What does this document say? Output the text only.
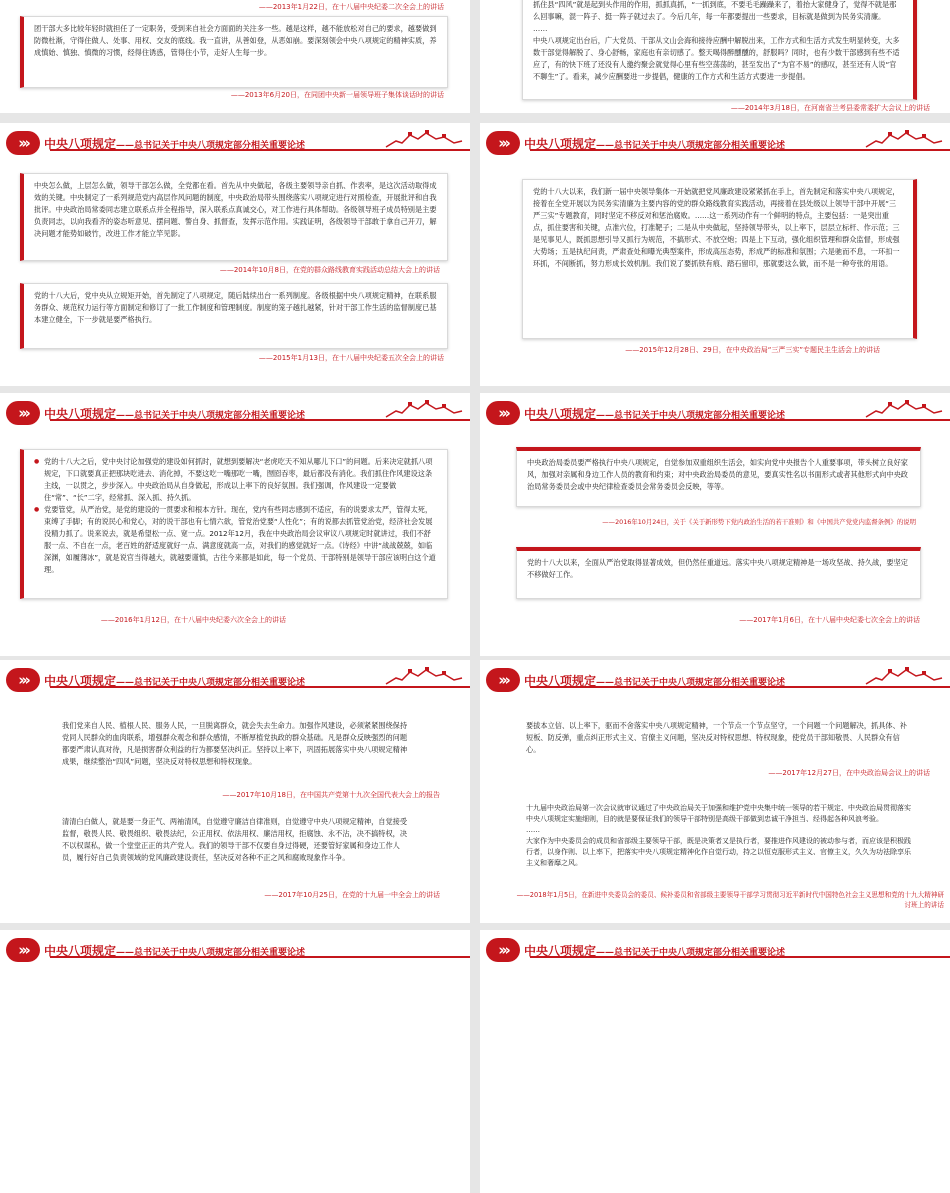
——2013年1月22日，在十八届中央纪委二次全会上的讲话
团干部大多比较年轻时就担任了一定职务，受到来自社会方面面的关注多一些。越是这样，越不能放松对自己的要求，越要做到防微杜渐，守得住做人、处事、用权、交友的底线。我一直讲，从善如登，从恶如崩。要深刻领会中央八项规定的精神实质，养成慎始、慎独、慎微的习惯，经得住诱惑，管得住小节，走好人生每一步。
——2013年6月20日，在同团中央新一届领导班子集体谈话时的讲话

抓住县“四风”就是起到头作用的作用，抓抓真抓，“一抓到底，不要毛毛躁躁来了，着抬大家健身了，觉得不就是那么回事嘛，混一阵子、挺一阵子就过去了。今后几年，每一年都要提出一些要求，目标就是做到为民务实清廉。
……
中央八项规定出台后，广大党员、干部从文山会海和接待应酬中解脱出来，工作方式和生活方式发生明显转变，大多数干部觉得解脱了、身心舒畅，家庭也有亲切感了。整天喝得醉醺醺的，舒服吗？同时，也有少数干部感到有些不适应了，有的快下班了还没有人邀约聚会就觉得心里有些空荡荡的，甚至发出了“为官不易”的感叹，甚至还有人说“官不聊生”了。看来，减少应酬要进一步提倡，健康的工作方式和生活方式要进一步提倡。

——2014年3月18日，在河南省兰考县委常委扩大会议上的讲话
›››	中央八项规定——总书记关于中央八项规定部分相关重要论述
中央怎么做，上层怎么做，领导干部怎么做，全党都在看。首先从中央做起，各级主要领导亲自抓、作表率，是这次活动取得成效的关键。中央制定了一系列规范党内高层作风问题的制度，中央政治局带头围绕落实八项规定进行对照检查，开展批评和自我批评。中央政治局常委同志建立联系点并全程指导，深入联系点真诚交心，对工作进行具体帮助。各级领导班子成员特别是主要负责同志，以向我看齐的姿态听意见、摆问题、警自身、抓督查，发挥示范作用。实践证明，各级领导干部敢于拿自己开刀，解决问题才能势如破竹，改进工作才能立竿见影。
——2014年10月8日，在党的群众路线教育实践活动总结大会上的讲话
党的十八大后，党中央从立规矩开始，首先制定了八项规定，随后陆续出台一系列制度。各级根据中央八项规定精神，在联系服务群众、规范权力运行等方面制定和修订了一批工作制度和管理制度。制度的笼子越扎越紧，针对干部工作生活的监督制度已基本建立健全，下一步就是要严格执行。
——2015年1月13日，在十八届中央纪委五次全会上的讲话
›››	中央八项规定——总书记关于中央八项规定部分相关重要论述
党的十八大以来，我们新一届中央领导集体一开始就把党风廉政建设紧紧抓在手上，首先制定和落实中央八项规定，接着在全党开展以为民务实清廉为主要内容的党的群众路线教育实践活动，再接着在县处级以上领导干部中开展“三严三实”专题教育，同时坚定不移反对和惩治腐败。……这一系列动作有一个鲜明的特点，主要包括：一是突出重点，抓住要害和关键，点准穴位，打准靶子；二是从中央做起，坚持领导带头，以上率下，层层立标杆、作示范；三是见事见人，既抓思想引导又抓行为规范，不搞形式、不放空炮；四是上下互动，强化组织管理和群众监督，形成强大势场；五是执纪问责，严肃查处和曝光典型案件，形成高压态势，形成严的标准和氛围；六是驰而不息，一环扣一环抓，不间断抓，努力形成长效机制。我们说了要抓铁有痕、踏石留印，那就要这么做，而不是一种夸张的用语。
——2015年12月28日、29日，在中央政治局“三严三实”专题民主生活会上的讲话
›››	中央八项规定——总书记关于中央八项规定部分相关重要论述
● 党的十八大之后，党中央讨论加强党的建设如何抓时，就想到要解决“老虎吃天不知从哪儿下口”的问题。后来决定就抓八项规定，下口就要真正把那块吃进去、消化掉，不要这吃一嘴那吃一嘴，囫囵吞枣，最后都没有消化。我们抓住作风建设这条主线，一以贯之，步步深入。中央政治局从自身做起，形成以上率下的良好氛围。我们强调，作风建设一定要做住“常”、“长”二字，经常抓、深入抓、持久抓。
● 党要管党，从严治党，是党的建设的一贯要求和根本方针。现在，党内有些同志感到不适应，有的说要求太严，管得太死，束缚了手脚；有的说民心和党心，对的说干部也有七情六欲，管党治党要“人性化”；有的说都去抓管党治党，经济社会发展没精力抓了。说来说去，就是希望松一点、宽一点。2012年12月，我在中央政治局会议审议八项规定时就讲过，我们不舒服一点、不自在一点，老百姓的舒适度就好一点、满意度就高一点，对我们的感觉就好一点。《诗经》中讲“战战兢兢，如临深渊，如履薄冰”，就是说官当得越大，就越要谨慎，古往今来都是如此，每一个党员、干部特别是领导干部应该明白这个道理。
——2016年1月12日，在十八届中央纪委六次全会上的讲话
›››	中央八项规定——总书记关于中央八项规定部分相关重要论述
中央政治局委员要严格执行中央八项规定，自觉参加双重组织生活会，如实向党中央报告个人重要事项，带头树立良好家风，加强对亲属和身边工作人员的教育和约束；对中央政治局委员的意见，要真实性名以书面形式或者其他形式向中央政治局常务委员会或中央纪律检查委员会常务委员会反映，等等。
——2016年10月24日，关于《关于新形势下党内政治生活的若干准则》和《中国共产党党内监督条例》的说明
党的十八大以来，全面从严治党取得显著成效，但仍然任重道远。落实中央八项规定精神是一场攻坚战、持久战，要坚定不移做好工作。
——2017年1月6日，在十八届中央纪委七次全会上的讲话
›››	中央八项规定——总书记关于中央八项规定部分相关重要论述
我们党来自人民、植根人民、服务人民，一旦脱离群众，就会失去生命力。加强作风建设，必须紧紧围绕保持党同人民群众的血肉联系，增强群众观念和群众感情，不断厚植党执政的群众基础。凡是群众反映强烈的问题都要严肃认真对待，凡是损害群众利益的行为都要坚决纠正。坚持以上率下，巩固拓展落实中央八项规定精神成果，继续整治“四风”问题，坚决反对特权思想和特权现象。
——2017年10月18日，在中国共产党第十九次全国代表大会上的报告
清清白白做人，就是要一身正气、两袖清风，自觉遵守廉洁自律准则，自觉遵守中央八项规定精神，自觉接受监督，敬畏人民、敬畏组织、敬畏法纪，公正用权、依法用权、廉洁用权，拒腐蚀、永不沾，决不搞特权，决不以权谋私，做一个堂堂正正的共产党人。我们的领导干部不仅要自身过得硬，还要管好家属和身边工作人员，履行好自己负责领域的党风廉政建设责任，坚决反对各种不正之风和腐败现象作斗争。
——2017年10月25日，在党的十九届一中全会上的讲话
›››	中央八项规定——总书记关于中央八项规定部分相关重要论述
要拔本立信、以上率下，驱而不舍落实中央八项规定精神，一个节点一个节点坚守，一个问题一个问题解决，抓具体、补短板、防反弹，重点纠正形式主义、官僚主义问题，坚决反对特权思想、特权现象，使党员干部知敬畏、人民群众有信心。
——2017年12月27日，在中央政治局会议上的讲话

十九届中央政治局第一次会议就审议通过了中央政治局关于加强和维护党中央集中统一领导的若干规定、中央政治局贯彻落实中央八项规定实施细则，目的就是要保证我们的领导干部特别是高级干部做到忠诚干净担当、经得起各种风浪考验。
……
大家作为中央委员会的成员和省部级主要领导干部，既是决策者又是执行者，要推进作风建设的被动参与者，而应该是积极践行者，以身作则、以上率下，把落实中央八项规定精神化作自觉行动，持之以恒克服形式主义、官僚主义，久久为功祛除享乐主义和奢靡之风。

——2018年1月5日，在新进中央委员会的委员、候补委员和省部级主要领导干部学习贯彻习近平新时代中国特色社会主义思想和党的十九大精神研讨班上的讲话
›››	中央八项规定——总书记关于中央八项规定部分相关重要论述	›››	中央八项规定——总书记关于中央八项规定部分相关重要论述
